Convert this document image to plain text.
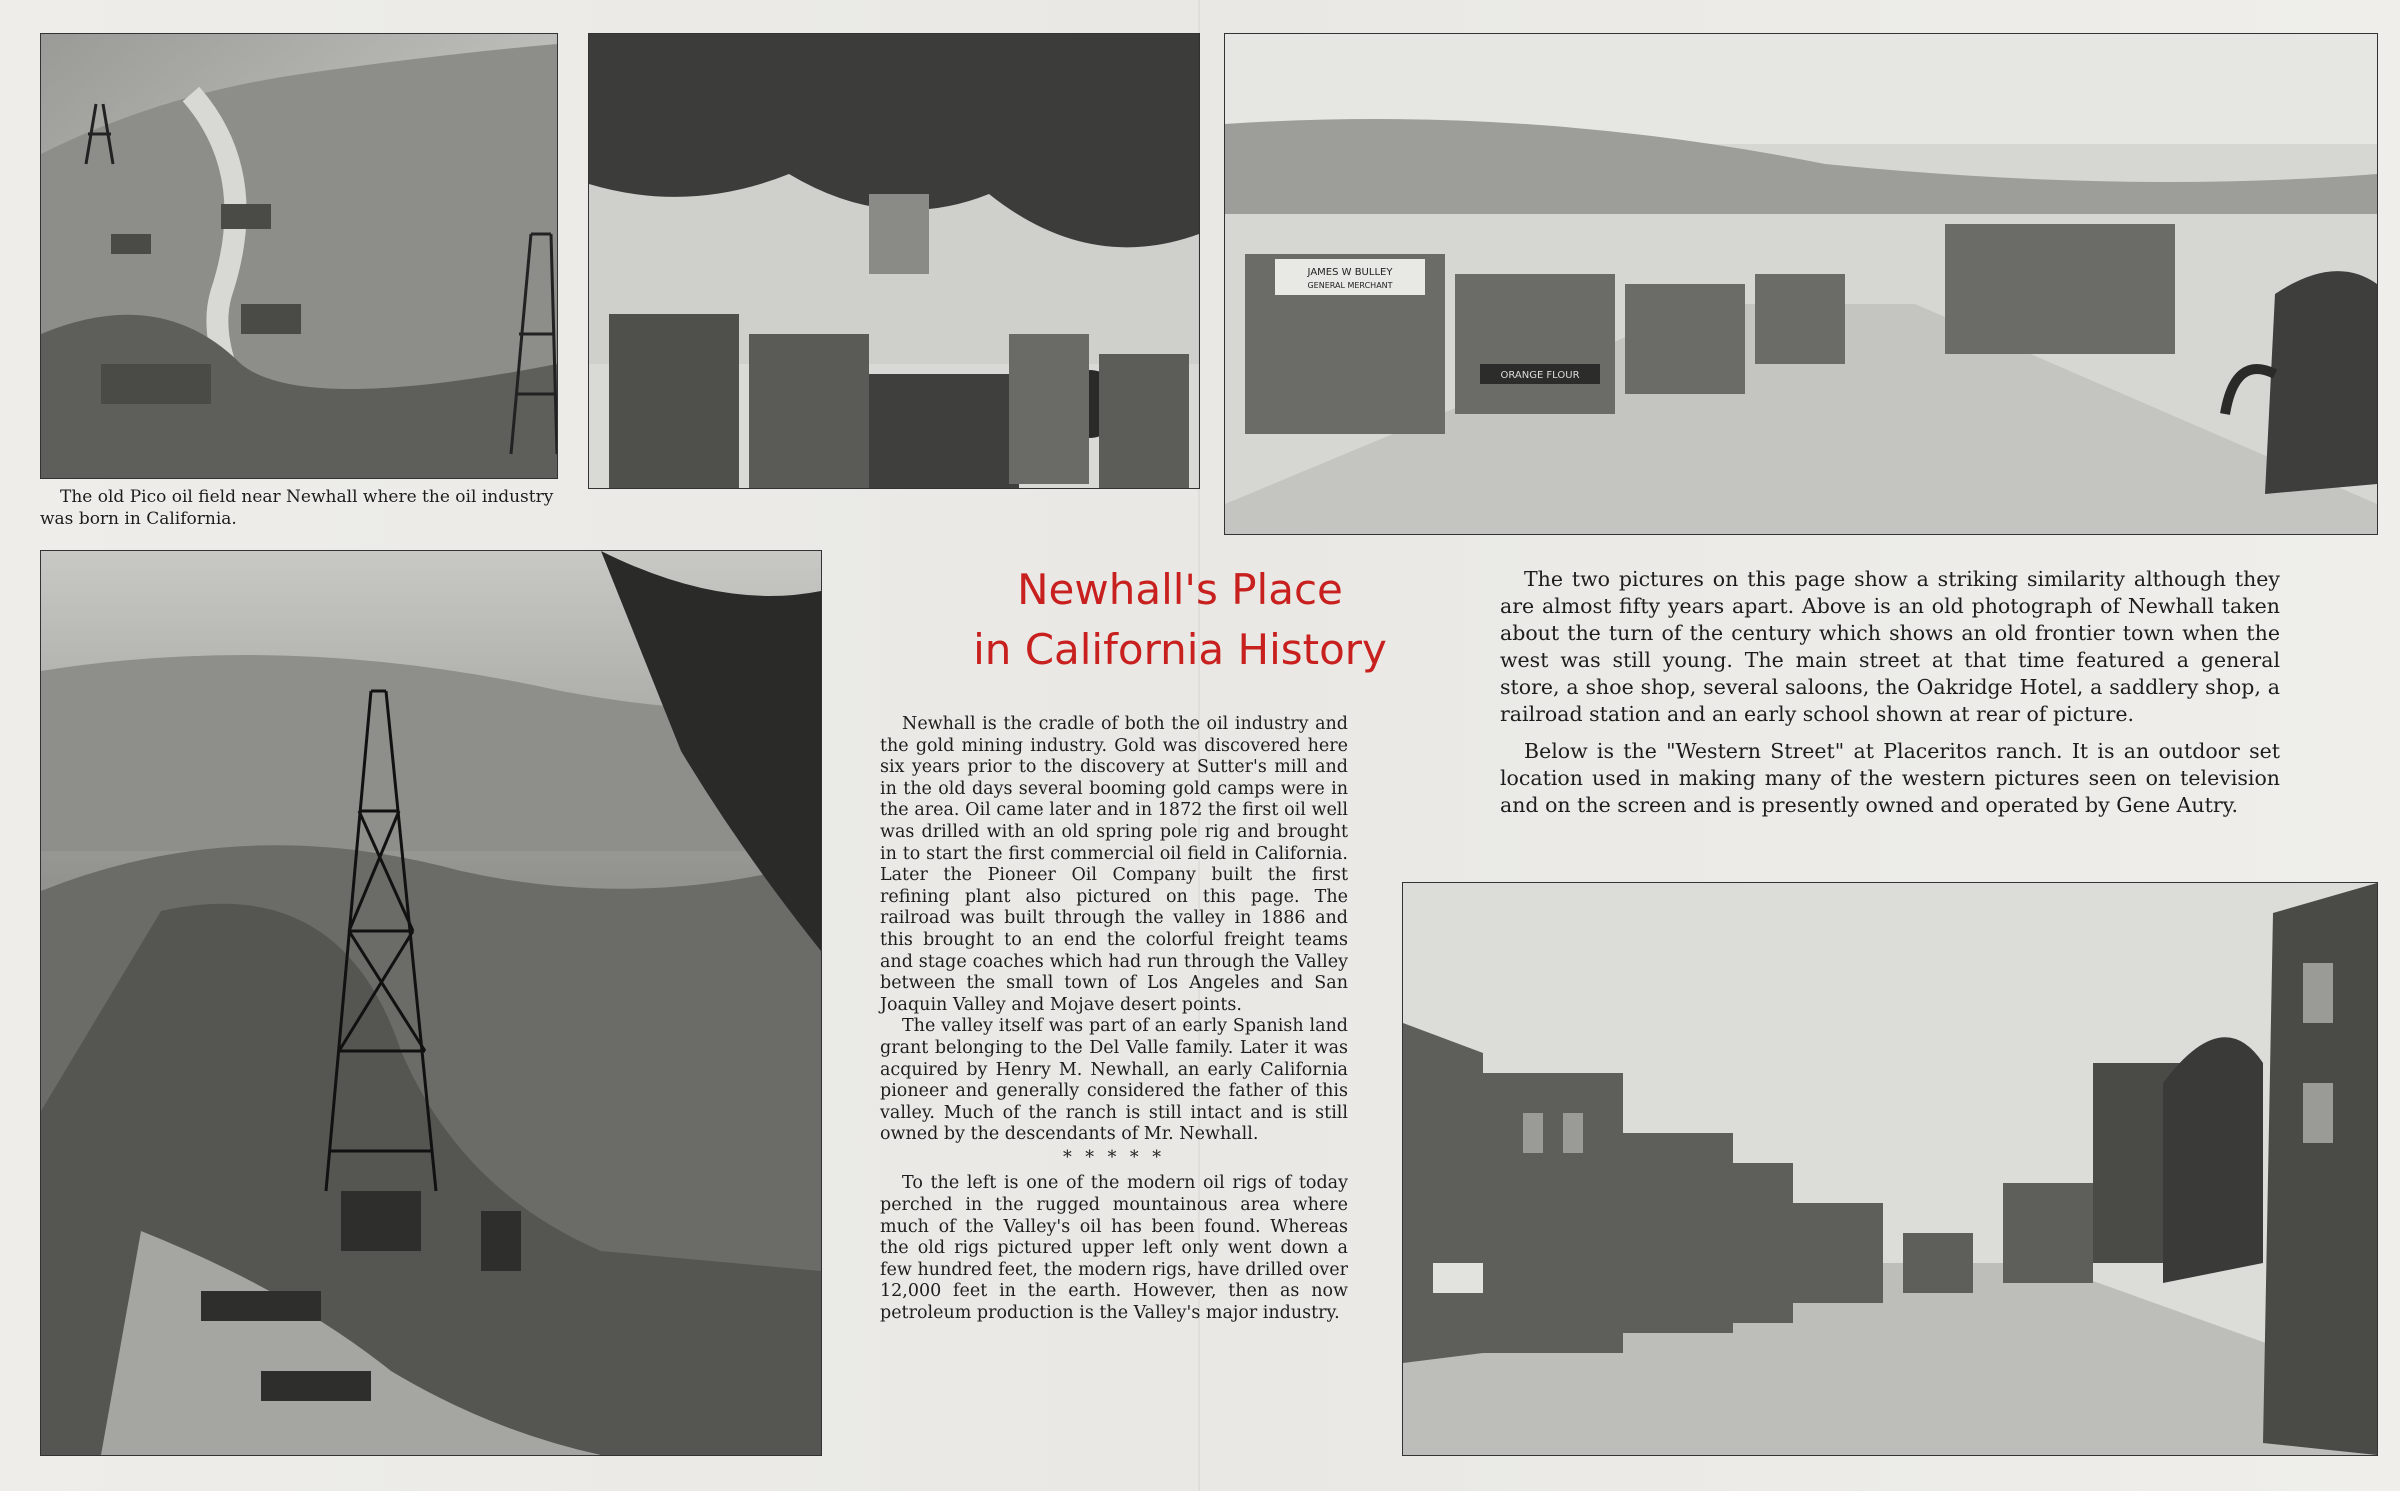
The old Pico oil field near Newhall where the oil industry was born in California.
JAMES W BULLEY
GENERAL MERCHANT
ORANGE FLOUR
Newhall's Place
in California History

Newhall is the cradle of both the oil industry and the gold mining industry. Gold was discovered here six years prior to the discovery at Sutter's mill and in the old days several booming gold camps were in the area. Oil came later and in 1872 the first oil well was drilled with an old spring pole rig and brought in to start the first commercial oil field in California. Later the Pioneer Oil Company built the first refining plant also pictured on this page. The railroad was built through the valley in 1886 and this brought to an end the colorful freight teams and stage coaches which had run through the Valley between the small town of Los Angeles and San Joaquin Valley and Mojave desert points.

The valley itself was part of an early Spanish land grant belonging to the Del Valle family. Later it was acquired by Henry M. Newhall, an early California pioneer and generally considered the father of this valley. Much of the ranch is still intact and is still owned by the descendants of Mr. Newhall.

* * * * *

To the left is one of the modern oil rigs of today perched in the rugged mountainous area where much of the Valley's oil has been found. Whereas the old rigs pictured upper left only went down a few hundred feet, the modern rigs, have drilled over 12,000 feet in the earth. However, then as now petroleum production is the Valley's major industry.

The two pictures on this page show a striking similarity although they are almost fifty years apart. Above is an old photograph of Newhall taken about the turn of the century which shows an old frontier town when the west was still young. The main street at that time featured a general store, a shoe shop, several saloons, the Oakridge Hotel, a saddlery shop, a railroad station and an early school shown at rear of picture.

Below is the "Western Street" at Placeritos ranch. It is an outdoor set location used in making many of the western pictures seen on television and on the screen and is presently owned and operated by Gene Autry.
